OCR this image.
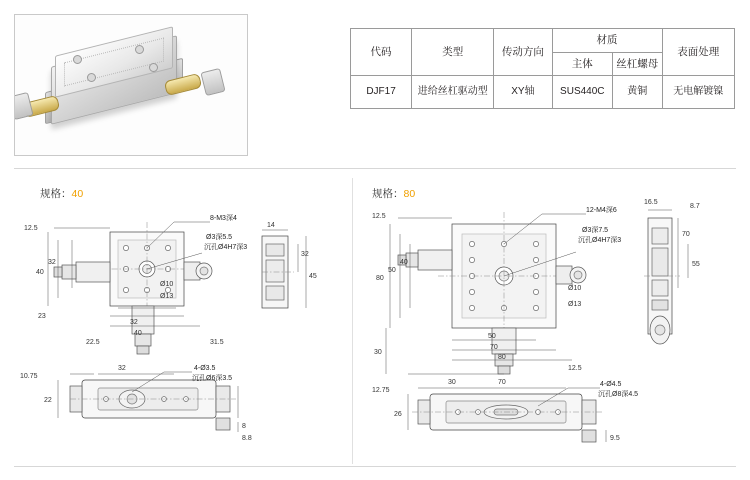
代码	类型	传动方向	材质		表面处理
			主体	丝杠螺母	
DJF17	进给丝杠驱动型	XY轴	SUS440C	黄铜	无电解镀镍
规格：40	规格：80
12.5
40
32
23
32
40
22.5	31.5
Ø10
Ø13
14
32
45
10.75
32
22
8
8.8
8-M3深4
Ø3深5.5
沉孔Ø4H7深3
4-Ø3.5
沉孔Ø6深3.5
12.5
80
50
40
30
50
70
80
30
12.5
Ø10
Ø13
16.5
8.7
70
55
12.75
70
26
9.5
12-M4深6
Ø3深7.5
沉孔Ø4H7深3
4-Ø4.5
沉孔Ø8深4.5
